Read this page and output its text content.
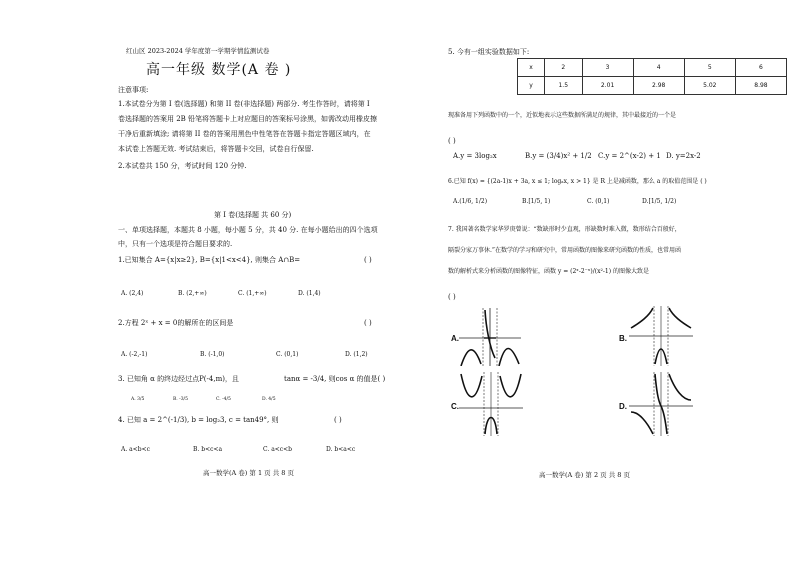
红山区 2023-2024 学年度第一学期学情监测试卷
高一年级 数学(A 卷 )
注意事项:
1.本试卷分为第 I 卷(选择题) 和第 II 卷(非选择题) 两部分. 考生作答时，请将第 I
卷选择题的答案用 2B 铅笔将答题卡上对应题目的答案标号涂黑，如需改动用橡皮擦
干净后重新填涂; 请将第 II 卷的答案用黑色中性笔答在答题卡指定答题区域内，在
本试卷上答题无效. 考试结束后，将答题卡交回，试卷自行保留.
2.本试卷共 150 分，考试时间 120 分钟.
第 I 卷(选择题 共 60 分)
一、单项选择题，本题共 8 小题，每小题 5 分，共 40 分. 在每小题给出的四个选项
中，只有一个选项是符合题目要求的.
1.已知集合 A={x|x≥2}, B={x|1<x<4}, 则集合 A∩B=	( )
A. (2,4)	B. (2,+∞)	C. (1,+∞)	D. (1,4)
2.方程 2ˣ + x = 0的解所在的区间是	( )
A. (-2,-1)	B. (-1,0)	C. (0,1)	D. (1,2)
3. 已知角 α 的终边经过点P(-4,m)，且	tanα = -3/4, 则cos α 的值是( )
A. 3/5	B. -3/5	C. -4/5	D. 4/5
4. 已知 a = 2^(-1/3), b = log₂3, c = tan49°, 则	( )
A. a<b<c	B. b<c<a	C. a<c<b	D. b<a<c
高一数学(A 卷) 第 1 页 共 8 页
5. 今有一组实验数据如下:
x	2	3	4	5	6
y	1.5	2.01	2.98	5.02	8.98
现准备用下列函数中的一个，近似地表示这些数据所满足的规律，其中最接近的一个是
( )
A.y = 3log₂x	B.y = (3/4)x² + 1/2 C.y = 2^(x-2) + 1 D. y=2x-2
6.已知 f(x) = {(2a-1)x + 3a, x ≤ 1; logₐx, x > 1} 是 R 上是减函数，那么 a 的取值范围是 ( )
A.(1/6, 1/2)	B.[1/5, 1)	C. (0,1)	D.[1/5, 1/2)
7. 我国著名数学家华罗庚曾说：“数缺形时少直观，形缺数时难入微，数形结合百般好，
隔裂分家万事休.”在数学的学习和研究中，常用函数的图像来研究函数的性质，也常用函
数的解析式来分析函数的图像特征，函数 y = (2ˣ-2⁻ˣ)/(x²-1) 的图像大致是
( )
A.	B.
C.	D.
高一数学(A 卷) 第 2 页 共 8 页
